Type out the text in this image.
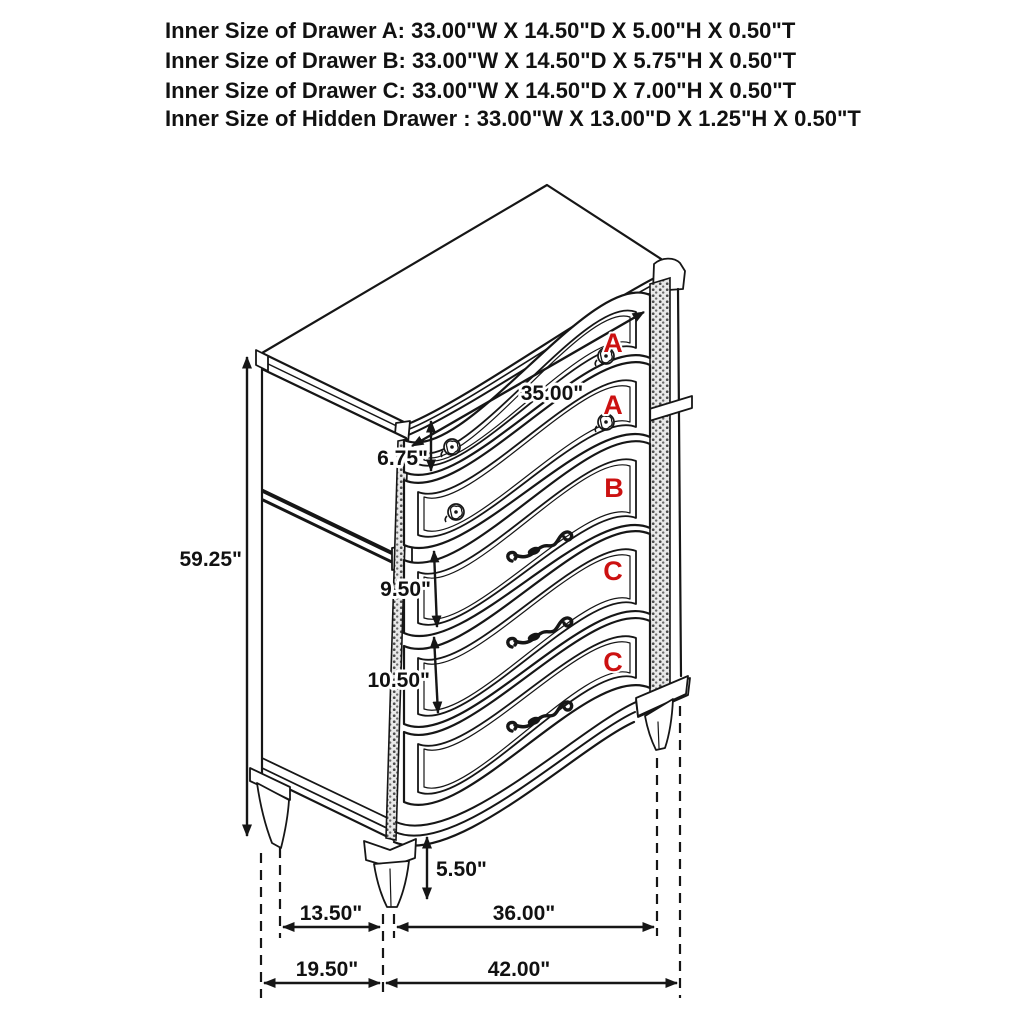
Inner Size of Drawer A: 33.00"W X 14.50"D X 5.00"H X 0.50"T
Inner Size of Drawer B: 33.00"W X 14.50"D X 5.75"H X 0.50"T
Inner Size of Drawer C: 33.00"W X 14.50"D X 7.00"H X 0.50"T
Inner Size of Hidden Drawer : 33.00"W X 13.00"D X 1.25"H X 0.50"T
35.00"
6.75"
59.25"
9.50"
10.50"
5.50"
13.50"	36.00"
19.50"	42.00"
A
A
B
C
C
